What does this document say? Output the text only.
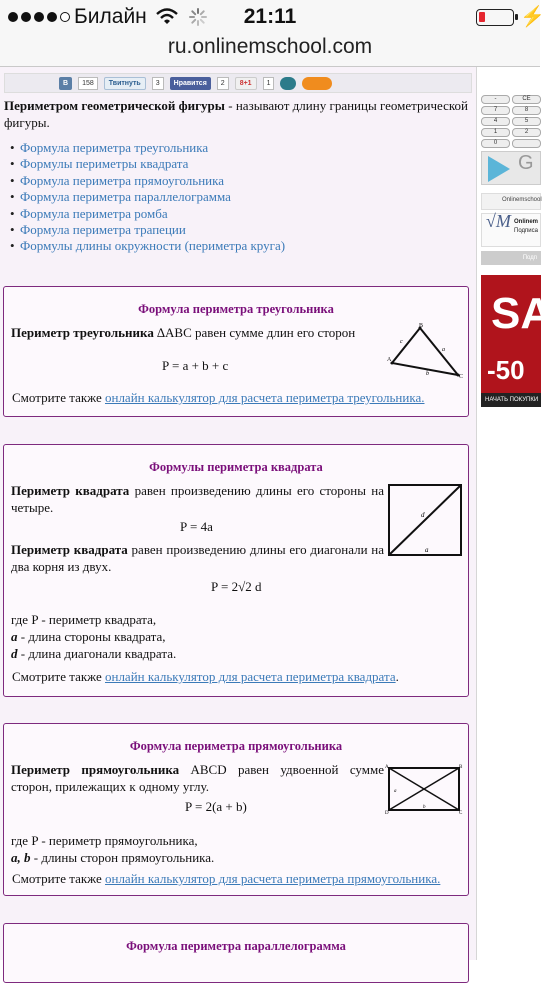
Билайн	21:11	⚡
ru.onlinemschool.com
В	158	Твитнуть	3	Нравится	2	8+1	1

Периметром геометрической фигуры - называют длину границы геометрической фигуры.

• Формула периметра треугольника
• Формулы периметры квадрата
• Формула периметра прямоугольника
• Формула периметра параллелограмма
• Формула периметра ромба
• Формула периметра трапеции
• Формулы длины окружности (периметра круга)
Формула периметра треугольника

Периметр треугольника ∆ABC равен сумме длин его сторон

P = a + b + c	A
B
C
a
b
c
Смотрите также онлайн калькулятор для расчета периметра треугольника.
Формулы периметра квадрата

Периметр квадрата равен произведению длины его стороны на четыре.

P = 4a

Периметр квадрата равен произведению длины его диагонали на два корня из двух.

P = 2√2 d
d
a
где P - периметр квадрата,
a - длина стороны квадрата,
d - длина диагонали квадрата.
Смотрите также онлайн калькулятор для расчета периметра квадрата.
Формула периметра прямоугольника

Периметр прямоугольника ABCD равен удвоенной сумме сторон, прилежащих к одному углу.

P = 2(a + b)
A	B
C
D
a
b
где P - периметр прямоугольника,
a, b - длины сторон прямоугольника.
Смотрите также онлайн калькулятор для расчета периметра прямоугольника.
Формула периметра параллелограмма
-	CE
7	8
4	5
1	2
0
G
Onlinemschool
√M Onlinem
Подписа
Подп
SA
-50
НАЧАТЬ ПОКУПКИ
